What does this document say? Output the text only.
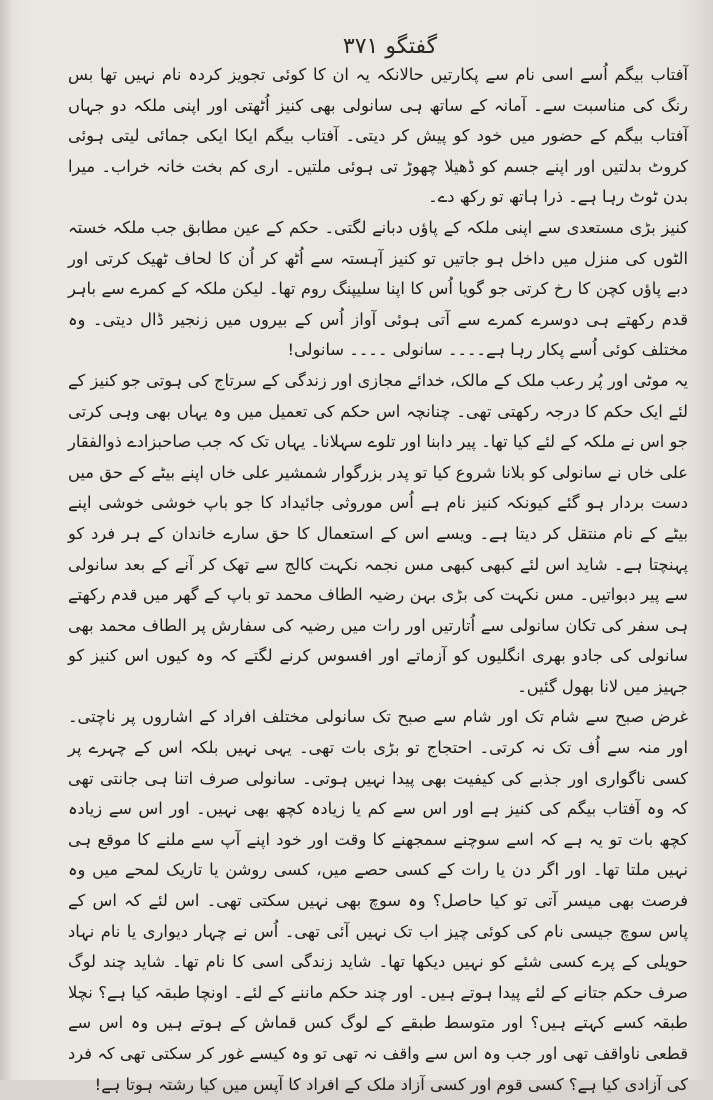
گفتگو ۳۷۱

آفتاب بیگم اُسے اسی نام سے پکارتیں حالانکہ یہ ان کا کوئی تجویز کردہ نام نہیں تھا بس رنگ کی مناسبت سے۔ آمانہ کے ساتھ ہی سانولی بھی کنیز اُٹھتی اور اپنی ملکہ دو جہاں آفتاب بیگم کے حضور میں خود کو پیش کر دیتی۔ آفتاب بیگم ایکا ایکی جمائی لیتی ہوئی کروٹ بدلتیں اور اپنے جسم کو ڈھیلا چھوڑ تی ہوئی ملتیں۔ اری کم بخت خانہ خراب۔ میرا بدن ٹوٹ رہا ہے۔ ذرا ہاتھ تو رکھ دے۔

کنیز بڑی مستعدی سے اپنی ملکہ کے پاؤں دبانے لگتی۔ حکم کے عین مطابق جب ملکہ خستہ الٹوں کی منزل میں داخل ہو جاتیں تو کنیز آہستہ سے اُٹھ کر اُن کا لحاف ٹھیک کرتی اور دبے پاؤں کچن کا رخ کرتی جو گویا اُس کا اپنا سلیپنگ روم تھا۔ لیکن ملکہ کے کمرے سے باہر قدم رکھتے ہی دوسرے کمرے سے آتی ہوئی آواز اُس کے بیروں میں زنجیر ڈال دیتی۔ وہ مختلف کوئی اُسے پکار رہا ہے۔۔۔۔ سانولی ۔۔۔۔ سانولی!

یہ موٹی اور پُر رعب ملک کے مالک، خدائے مجازی اور زندگی کے سرتاج کی ہوتی جو کنیز کے لئے ایک حکم کا درجہ رکھتی تھی۔ چنانچہ اس حکم کی تعمیل میں وہ یہاں بھی وہی کرتی جو اس نے ملکہ کے لئے کیا تھا۔ پیر دابنا اور تلوے سہلانا۔ یہاں تک کہ جب صاحبزادے ذوالفقار علی خاں نے سانولی کو بلانا شروع کیا تو پدر بزرگوار شمشیر علی خاں اپنے بیٹے کے حق میں دست بردار ہو گئے کیونکہ کنیز نام ہے اُس موروثی جائیداد کا جو باپ خوشی خوشی اپنے بیٹے کے نام منتقل کر دیتا ہے۔ ویسے اس کے استعمال کا حق سارے خاندان کے ہر فرد کو پہنچتا ہے۔ شاید اس لئے کبھی کبھی مس نجمہ نکہت کالج سے تھک کر آنے کے بعد سانولی سے پیر دبواتیں۔ مس نکہت کی بڑی بہن رضیہ الطاف محمد تو باپ کے گھر میں قدم رکھتے ہی سفر کی تکان سانولی سے اُتارتیں اور رات میں رضیہ کی سفارش پر الطاف محمد بھی سانولی کی جادو بھری انگلیوں کو آزماتے اور افسوس کرنے لگتے کہ وہ کیوں اس کنیز کو جہیز میں لانا بھول گئیں۔

غرض صبح سے شام تک اور شام سے صبح تک سانولی مختلف افراد کے اشاروں پر ناچتی۔ اور منہ سے اُف تک نہ کرتی۔ احتجاج تو بڑی بات تھی۔ یہی نہیں بلکہ اس کے چہرے پر کسی ناگواری اور جذبے کی کیفیت بھی پیدا نہیں ہوتی۔ سانولی صرف اتنا ہی جانتی تھی کہ وہ آفتاب بیگم کی کنیز ہے اور اس سے کم یا زیادہ کچھ بھی نہیں۔ اور اس سے زیادہ کچھ بات تو یہ ہے کہ اسے سوچنے سمجھنے کا وقت اور خود اپنے آپ سے ملنے کا موقع ہی نہیں ملتا تھا۔ اور اگر دن یا رات کے کسی حصے میں، کسی روشن یا تاریک لمحے میں وہ فرصت بھی میسر آتی تو کیا حاصل؟ وہ سوچ بھی نہیں سکتی تھی۔ اس لئے کہ اس کے پاس سوچ جیسی نام کی کوئی چیز اب تک نہیں آئی تھی۔ اُس نے چہار دیواری یا نام نہاد حویلی کے پرے کسی شئے کو نہیں دیکھا تھا۔ شاید زندگی اسی کا نام تھا۔ شاید چند لوگ صرف حکم جتانے کے لئے پیدا ہوتے ہیں۔ اور چند حکم ماننے کے لئے۔ اونچا طبقہ کیا ہے؟ نچلا طبقہ کسے کہتے ہیں؟ اور متوسط طبقے کے لوگ کس قماش کے ہوتے ہیں وہ اس سے قطعی ناواقف تھی اور جب وہ اس سے واقف نہ تھی تو وہ کیسے غور کر سکتی تھی کہ فرد کی آزادی کیا ہے؟ کسی قوم اور کسی آزاد ملک کے افراد کا آپس میں کیا رشتہ ہوتا ہے!
